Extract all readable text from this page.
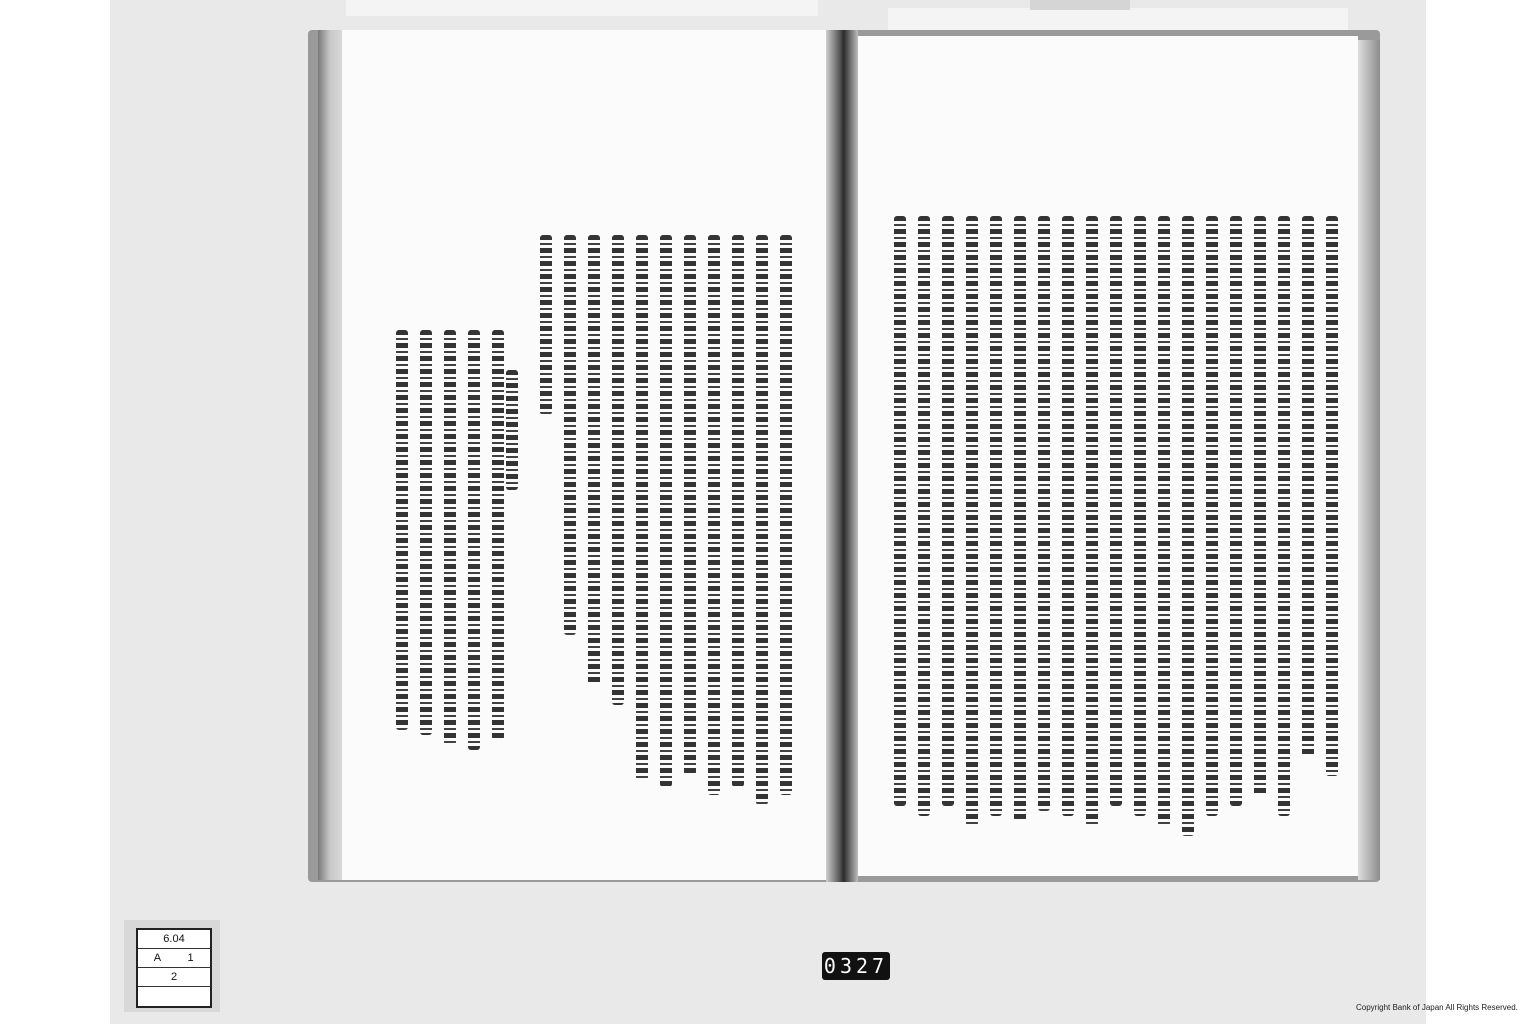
6.04
A 1
2	0327
Copyright Bank of Japan All Rights Reserved.
